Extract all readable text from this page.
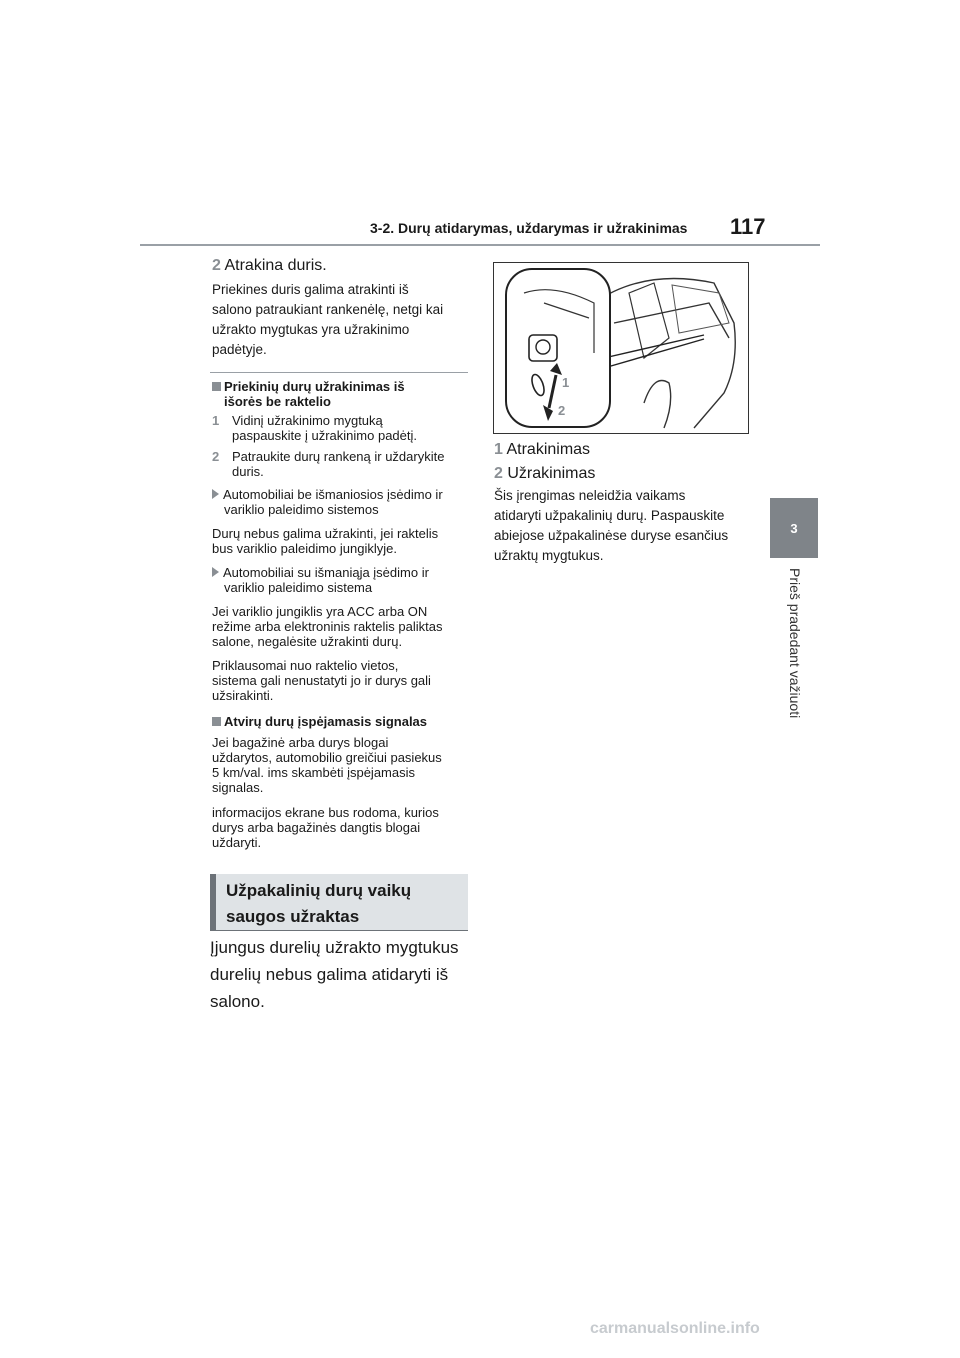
3-2. Durų atidarymas, uždarymas ir užrakinimas 117
3
Prieš pradedant važiuoti
2 Atrakina duris.
Priekines duris galima atrakinti iš
salono patraukiant rankenėlę, netgi kai
užrakto mygtukas yra užrakinimo
padėtyje.
Priekinių durų užrakinimas iš
išorės be raktelio
1 Vidinį užrakinimo mygtuką
paspauskite į užrakinimo padėtį.
2 Patraukite durų rankeną ir uždarykite
duris.
Automobiliai be išmaniosios įsėdimo ir
variklio paleidimo sistemos
Durų nebus galima užrakinti, jei raktelis
bus variklio paleidimo jungiklyje.
Automobiliai su išmaniąja įsėdimo ir
variklio paleidimo sistema
Jei variklio jungiklis yra ACC arba ON
režime arba elektroninis raktelis paliktas
salone, negalėsite užrakinti durų.
Priklausomai nuo raktelio vietos,
sistema gali nenustatyti jo ir durys gali
užsirakinti.
Atvirų durų įspėjamasis signalas
Jei bagažinė arba durys blogai
uždarytos, automobilio greičiui pasiekus
5 km/val. ims skambėti įspėjamasis
signalas.
informacijos ekrane bus rodoma, kurios
durys arba bagažinės dangtis blogai
uždaryti.
Užpakalinių durų vaikų
saugos užraktas
Įjungus durelių užrakto mygtukus
durelių nebus galima atidaryti iš
salono.
1
2
1 Atrakinimas
2 Užrakinimas
Šis įrengimas neleidžia vaikams
atidaryti užpakalinių durų. Paspauskite
abiejose užpakalinėse duryse esančius
užraktų mygtukus.
carmanualsonline.info
